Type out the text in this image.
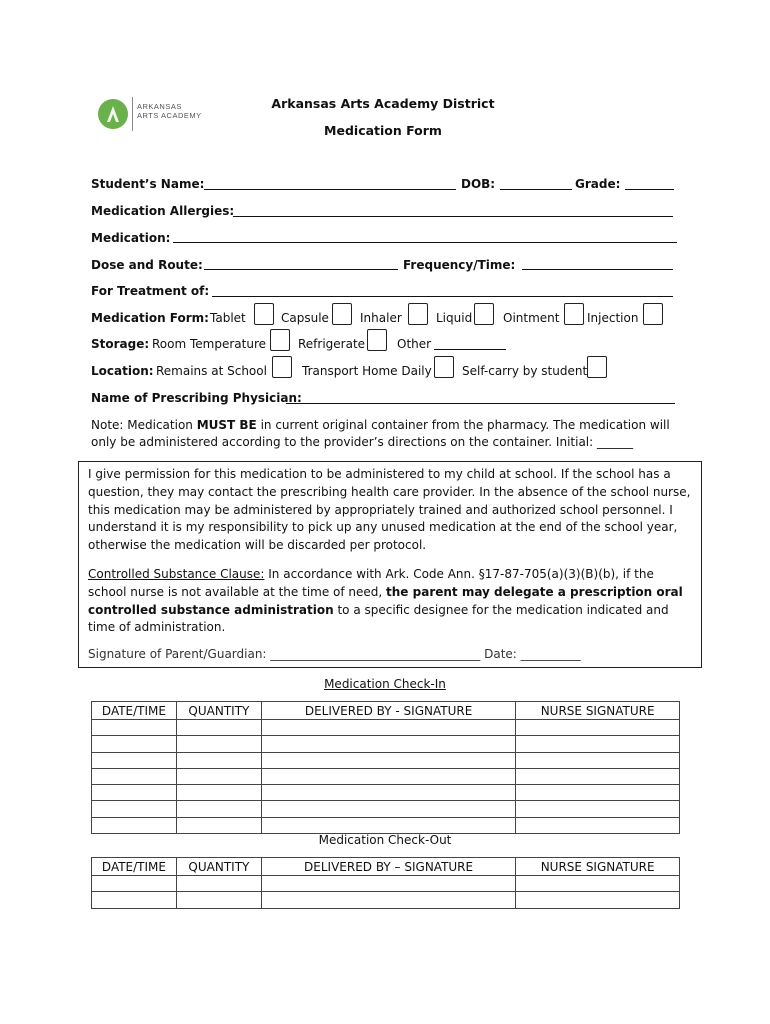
ARKANSAS
ARTS ACADEMY
Arkansas Arts Academy District
Medication Form
Student’s Name:	DOB:	Grade:
Medication Allergies:
Medication:
Dose and Route:	Frequency/Time:
For Treatment of:
Medication Form: Tablet	Capsule	Inhaler	Liquid	Ointment Injection
Storage: Room Temperature	Refrigerate	Other
Location: Remains at School	Transport Home Daily	Self-carry by student
Name of Prescribing Physician:
Note: Medication MUST BE in current original container from the pharmacy. The medication will only be administered according to the provider’s directions on the container. Initial: ______
I give permission for this medication to be administered to my child at school. If the school has a question, they may contact the prescribing health care provider. In the absence of the school nurse, this medication may be administered by appropriately trained and authorized school personnel. I understand it is my responsibility to pick up any unused medication at the end of the school year, otherwise the medication will be discarded per protocol.
Controlled Substance Clause: In accordance with Ark. Code Ann. §17-87-705(a)(3)(B)(b), if the school nurse is not available at the time of need, the parent may delegate a prescription oral controlled substance administration to a specific designee for the medication indicated and time of administration.
Signature of Parent/Guardian: ___________________________________ Date: __________
Medication Check-In
DATE/TIME	QUANTITY	DELIVERED BY - SIGNATURE	NURSE SIGNATURE

Medication Check-Out
DATE/TIME	QUANTITY	DELIVERED BY – SIGNATURE	NURSE SIGNATURE
